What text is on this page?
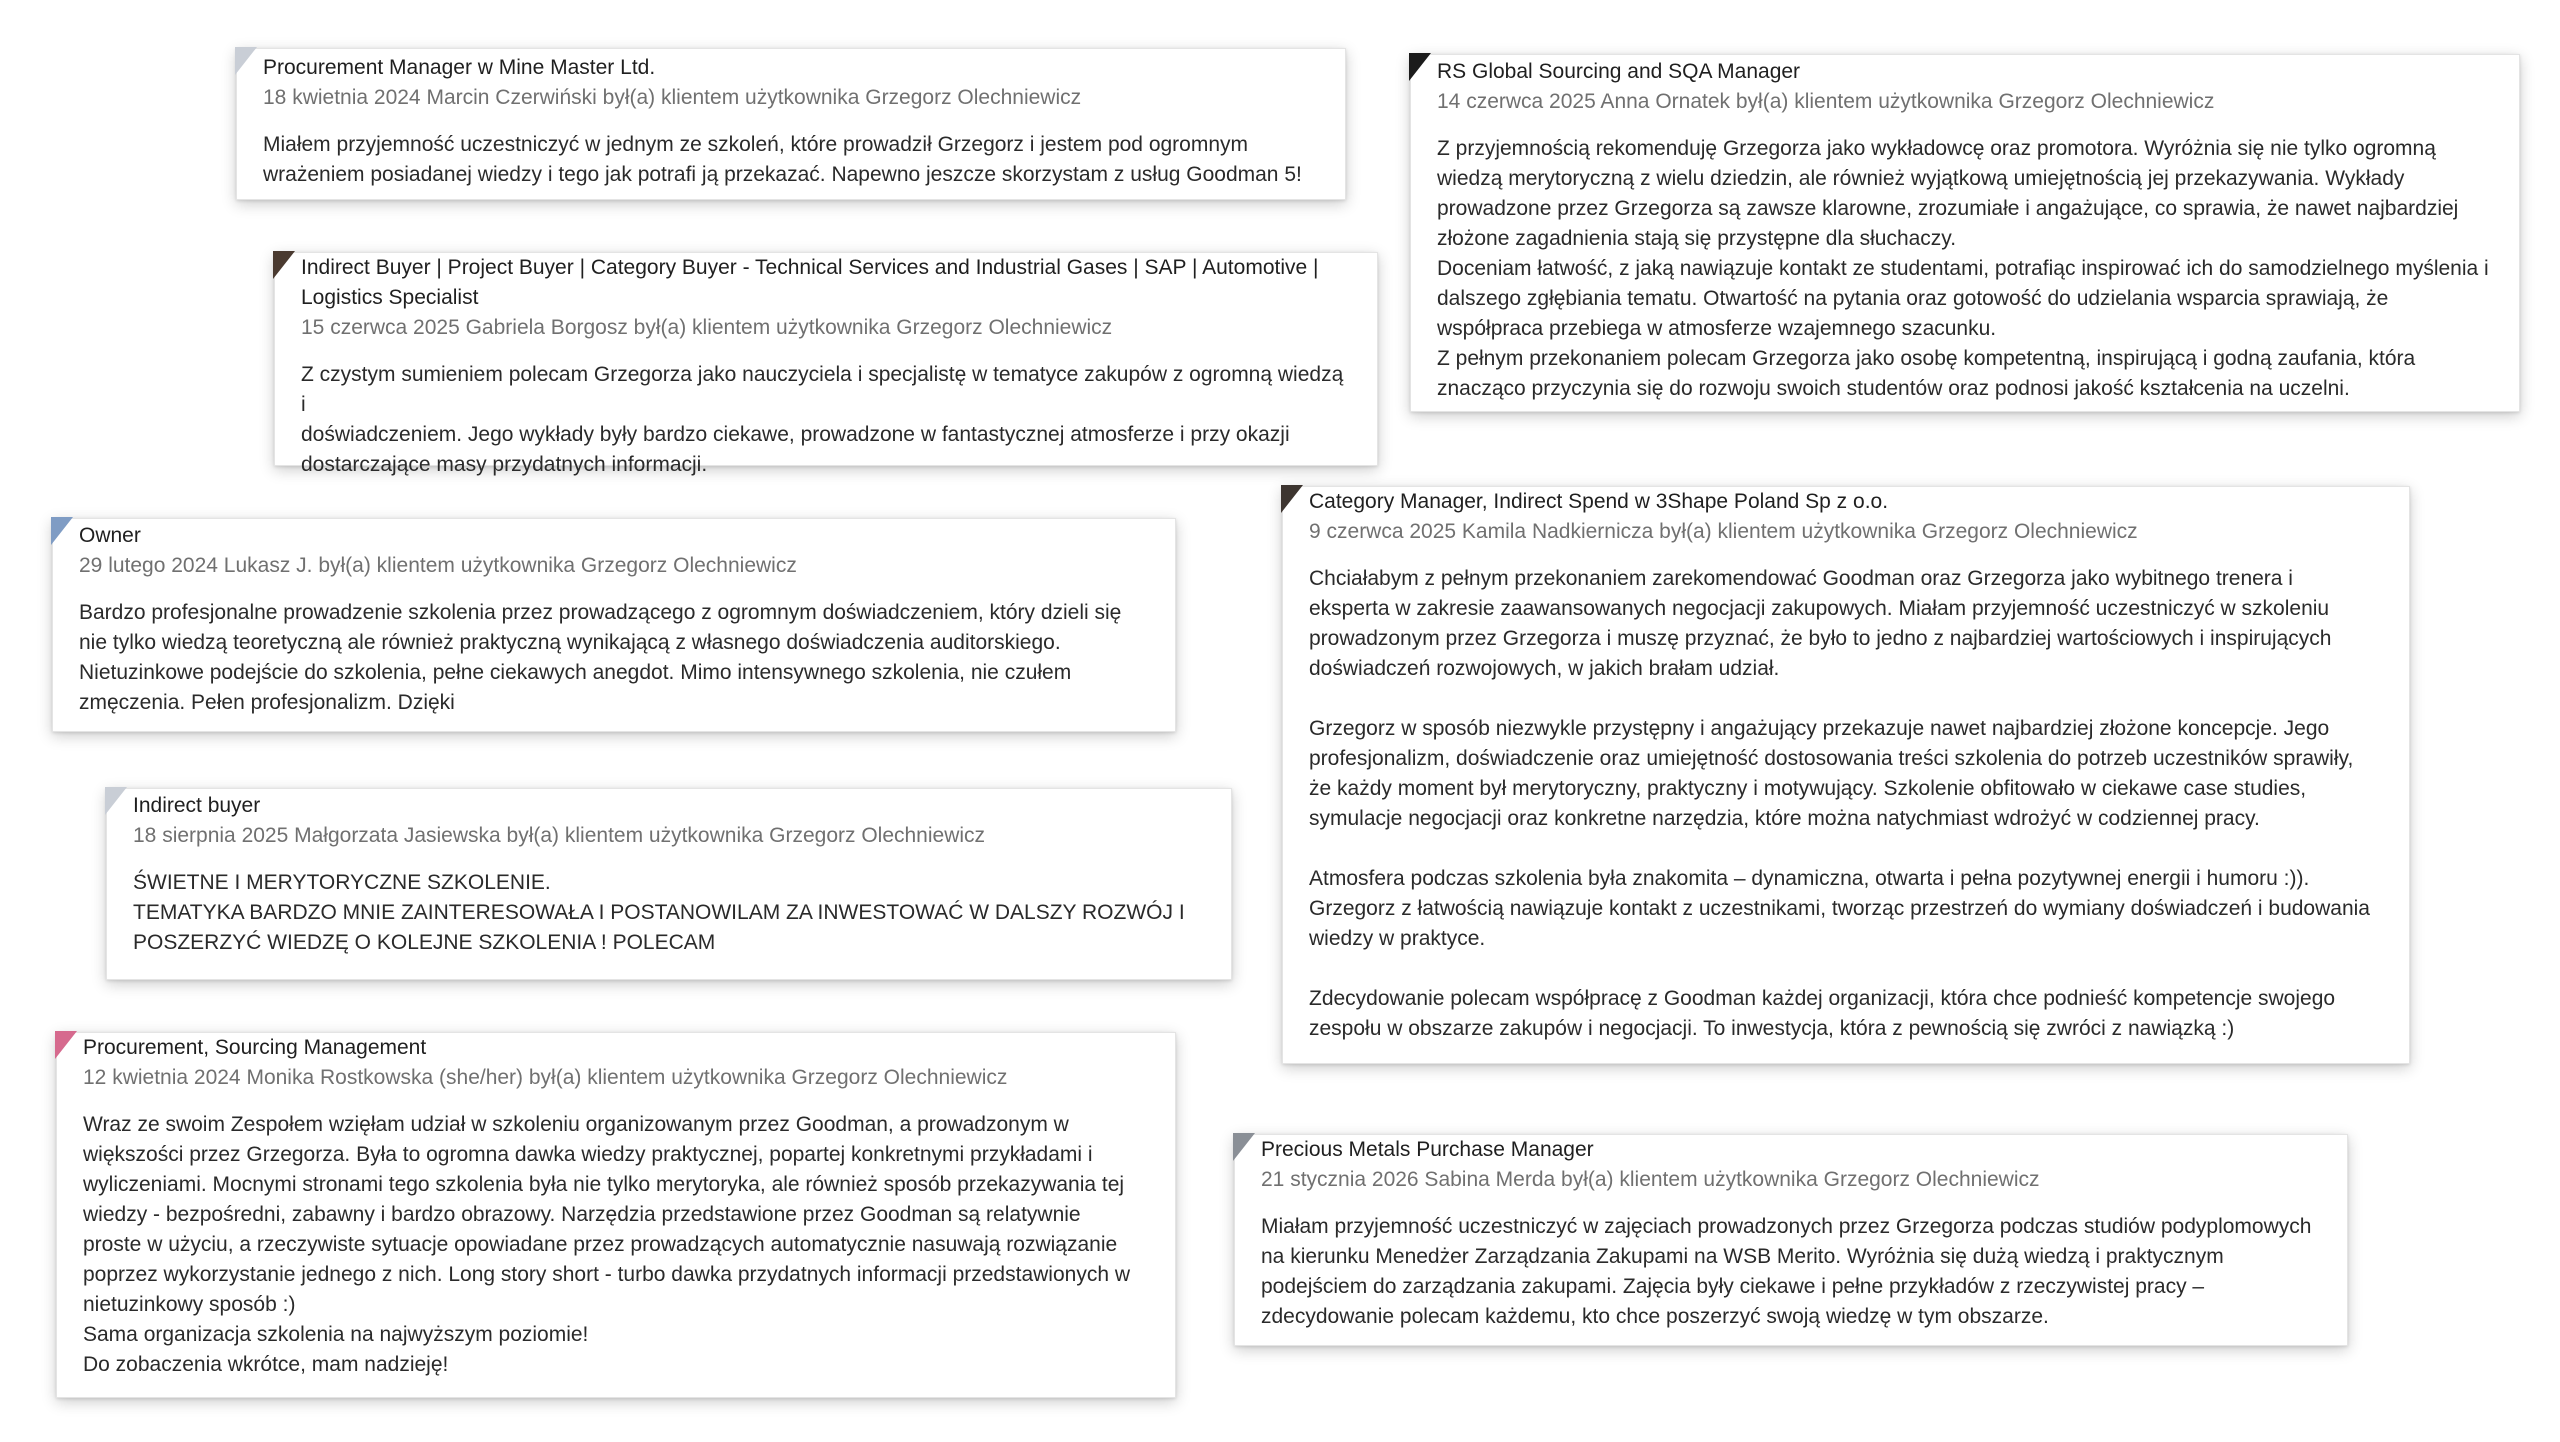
Procurement Manager w Mine Master Ltd.
18 kwietnia 2024 Marcin Czerwiński był(a) klientem użytkownika Grzegorz Olechniewicz
Miałem przyjemność uczestniczyć w jednym ze szkoleń, które prowadził Grzegorz i jestem pod ogromnym
wrażeniem posiadanej wiedzy i tego jak potrafi ją przekazać. Napewno jeszcze skorzystam z usług Goodman 5!
Indirect Buyer | Project Buyer | Category Buyer - Technical Services and Industrial Gases | SAP | Automotive |
Logistics Specialist
15 czerwca 2025 Gabriela Borgosz był(a) klientem użytkownika Grzegorz Olechniewicz
Z czystym sumieniem polecam Grzegorza jako nauczyciela i specjalistę w tematyce zakupów z ogromną wiedzą i
doświadczeniem. Jego wykłady były bardzo ciekawe, prowadzone w fantastycznej atmosferze i przy okazji
dostarczające masy przydatnych informacji.
Owner
29 lutego 2024 Lukasz J. był(a) klientem użytkownika Grzegorz Olechniewicz
Bardzo profesjonalne prowadzenie szkolenia przez prowadzącego z ogromnym doświadczeniem, który dzieli się
nie tylko wiedzą teoretyczną ale również praktyczną wynikającą z własnego doświadczenia auditorskiego.
Nietuzinkowe podejście do szkolenia, pełne ciekawych anegdot. Mimo intensywnego szkolenia, nie czułem
zmęczenia. Pełen profesjonalizm. Dzięki
Indirect buyer
18 sierpnia 2025 Małgorzata Jasiewska był(a) klientem użytkownika Grzegorz Olechniewicz
ŚWIETNE I MERYTORYCZNE SZKOLENIE.
TEMATYKA BARDZO MNIE ZAINTERESOWAŁA I POSTANOWILAM ZA INWESTOWAĆ W DALSZY ROZWÓJ I
POSZERZYĆ WIEDZĘ O KOLEJNE SZKOLENIA ! POLECAM
Procurement, Sourcing Management
12 kwietnia 2024 Monika Rostkowska (she/her) był(a) klientem użytkownika Grzegorz Olechniewicz
Wraz ze swoim Zespołem wzięłam udział w szkoleniu organizowanym przez Goodman, a prowadzonym w
większości przez Grzegorza. Była to ogromna dawka wiedzy praktycznej, popartej konkretnymi przykładami i
wyliczeniami. Mocnymi stronami tego szkolenia była nie tylko merytoryka, ale również sposób przekazywania tej
wiedzy - bezpośredni, zabawny i bardzo obrazowy. Narzędzia przedstawione przez Goodman są relatywnie
proste w użyciu, a rzeczywiste sytuacje opowiadane przez prowadzących automatycznie nasuwają rozwiązanie
poprzez wykorzystanie jednego z nich. Long story short - turbo dawka przydatnych informacji przedstawionych w
nietuzinkowy sposób :)
Sama organizacja szkolenia na najwyższym poziomie!
Do zobaczenia wkrótce, mam nadzieję!
RS Global Sourcing and SQA Manager
14 czerwca 2025 Anna Ornatek był(a) klientem użytkownika Grzegorz Olechniewicz
Z przyjemnością rekomenduję Grzegorza jako wykładowcę oraz promotora. Wyróżnia się nie tylko ogromną
wiedzą merytoryczną z wielu dziedzin, ale również wyjątkową umiejętnością jej przekazywania. Wykłady
prowadzone przez Grzegorza są zawsze klarowne, zrozumiałe i angażujące, co sprawia, że nawet najbardziej
złożone zagadnienia stają się przystępne dla słuchaczy.
Doceniam łatwość, z jaką nawiązuje kontakt ze studentami, potrafiąc inspirować ich do samodzielnego myślenia i
dalszego zgłębiania tematu. Otwartość na pytania oraz gotowość do udzielania wsparcia sprawiają, że
współpraca przebiega w atmosferze wzajemnego szacunku.
Z pełnym przekonaniem polecam Grzegorza jako osobę kompetentną, inspirującą i godną zaufania, która
znacząco przyczynia się do rozwoju swoich studentów oraz podnosi jakość kształcenia na uczelni.
Category Manager, Indirect Spend w 3Shape Poland Sp z o.o.
9 czerwca 2025 Kamila Nadkiernicza był(a) klientem użytkownika Grzegorz Olechniewicz
Chciałabym z pełnym przekonaniem zarekomendować Goodman oraz Grzegorza jako wybitnego trenera i
eksperta w zakresie zaawansowanych negocjacji zakupowych. Miałam przyjemność uczestniczyć w szkoleniu
prowadzonym przez Grzegorza i muszę przyznać, że było to jedno z najbardziej wartościowych i inspirujących
doświadczeń rozwojowych, w jakich brałam udział.

Grzegorz w sposób niezwykle przystępny i angażujący przekazuje nawet najbardziej złożone koncepcje. Jego
profesjonalizm, doświadczenie oraz umiejętność dostosowania treści szkolenia do potrzeb uczestników sprawiły,
że każdy moment był merytoryczny, praktyczny i motywujący. Szkolenie obfitowało w ciekawe case studies,
symulacje negocjacji oraz konkretne narzędzia, które można natychmiast wdrożyć w codziennej pracy.

Atmosfera podczas szkolenia była znakomita – dynamiczna, otwarta i pełna pozytywnej energii i humoru :)).
Grzegorz z łatwością nawiązuje kontakt z uczestnikami, tworząc przestrzeń do wymiany doświadczeń i budowania
wiedzy w praktyce.

Zdecydowanie polecam współpracę z Goodman każdej organizacji, która chce podnieść kompetencje swojego
zespołu w obszarze zakupów i negocjacji. To inwestycja, która z pewnością się zwróci z nawiązką :)
Precious Metals Purchase Manager
21 stycznia 2026 Sabina Merda był(a) klientem użytkownika Grzegorz Olechniewicz
Miałam przyjemność uczestniczyć w zajęciach prowadzonych przez Grzegorza podczas studiów podyplomowych
na kierunku Menedżer Zarządzania Zakupami na WSB Merito. Wyróżnia się dużą wiedzą i praktycznym
podejściem do zarządzania zakupami. Zajęcia były ciekawe i pełne przykładów z rzeczywistej pracy –
zdecydowanie polecam każdemu, kto chce poszerzyć swoją wiedzę w tym obszarze.
